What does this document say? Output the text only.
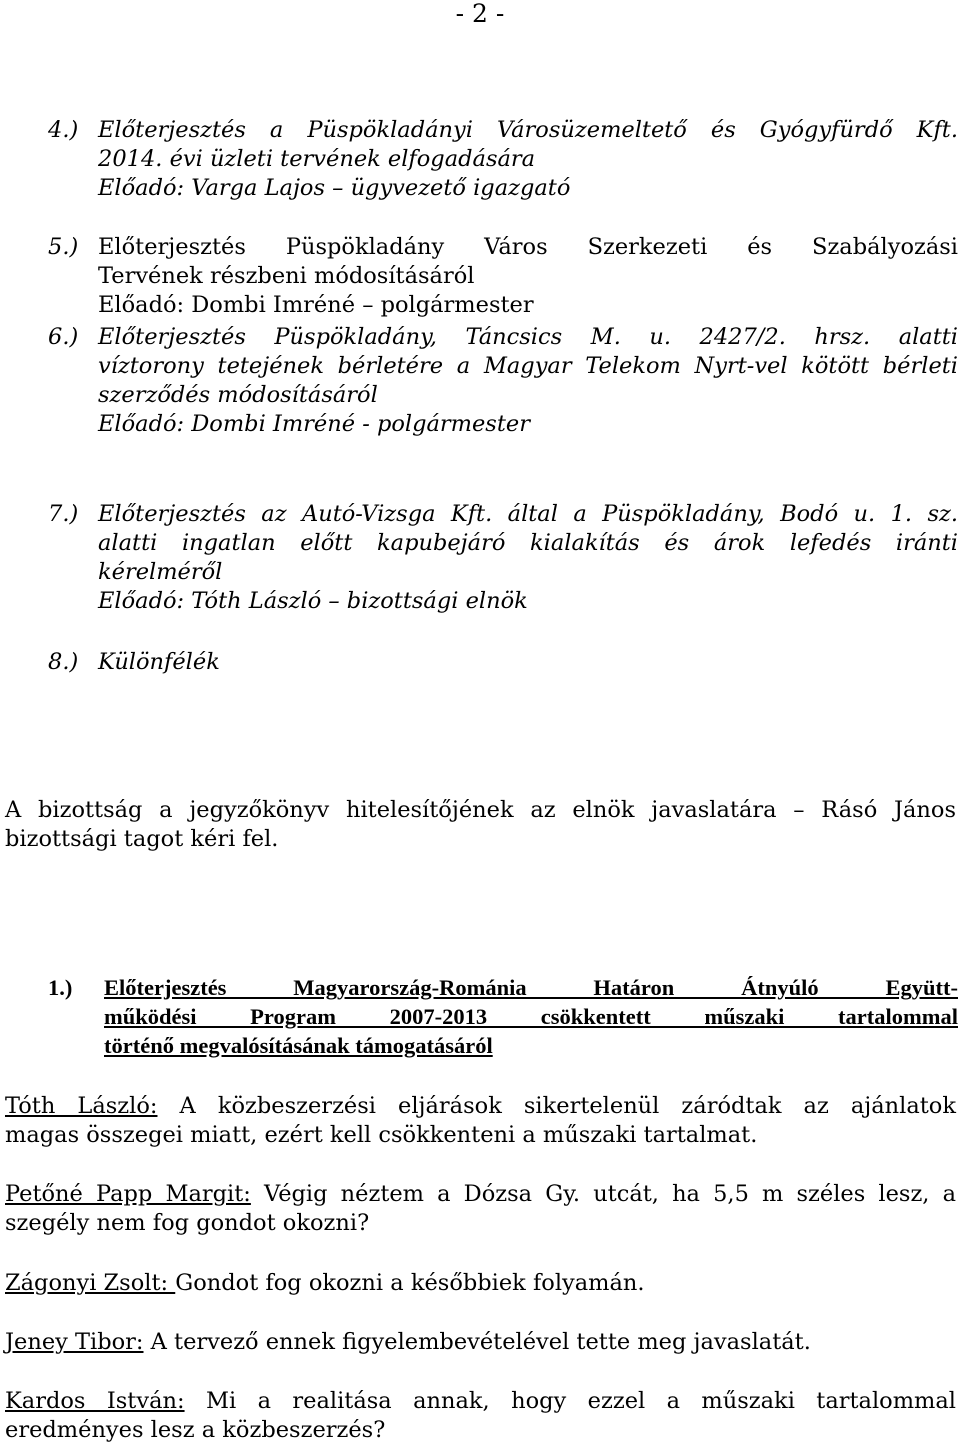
- 2 -
4.) Előterjesztés a Püspökladányi Városüzemeltető és Gyógyfürdő Kft.
2014. évi üzleti tervének elfogadására
Előadó: Varga Lajos – ügyvezető igazgató
5.) Előterjesztés Püspökladány Város Szerkezeti és Szabályozási
Tervének részbeni módosításáról
Előadó: Dombi Imréné – polgármester
6.) Előterjesztés Püspökladány, Táncsics M. u. 2427/2. hrsz. alatti
víztorony tetejének bérletére a Magyar Telekom Nyrt-vel kötött bérleti
szerződés módosításáról
Előadó: Dombi Imréné - polgármester
7.) Előterjesztés az Autó-Vizsga Kft. által a Püspökladány, Bodó u. 1. sz.
alatti ingatlan előtt kapubejáró kialakítás és árok lefedés iránti
kérelméről
Előadó: Tóth László – bizottsági elnök
8.) Különfélék
A bizottság a jegyzőkönyv hitelesítőjének az elnök javaslatára – Rásó János
bizottsági tagot kéri fel.
1.) Előterjesztés Magyarország-Románia Határon Átnyúló Együtt-
működési Program 2007-2013 csökkentett műszaki tartalommal
történő megvalósításának támogatásáról
Tóth László: A közbeszerzési eljárások sikertelenül záródtak az ajánlatok
magas összegei miatt, ezért kell csökkenteni a műszaki tartalmat.
Petőné Papp Margit: Végig néztem a Dózsa Gy. utcát, ha 5,5 m széles lesz, a
szegély nem fog gondot okozni?
Zágonyi Zsolt: Gondot fog okozni a későbbiek folyamán.
Jeney Tibor: A tervező ennek figyelembevételével tette meg javaslatát.
Kardos István: Mi a realitása annak, hogy ezzel a műszaki tartalommal
eredményes lesz a közbeszerzés?
